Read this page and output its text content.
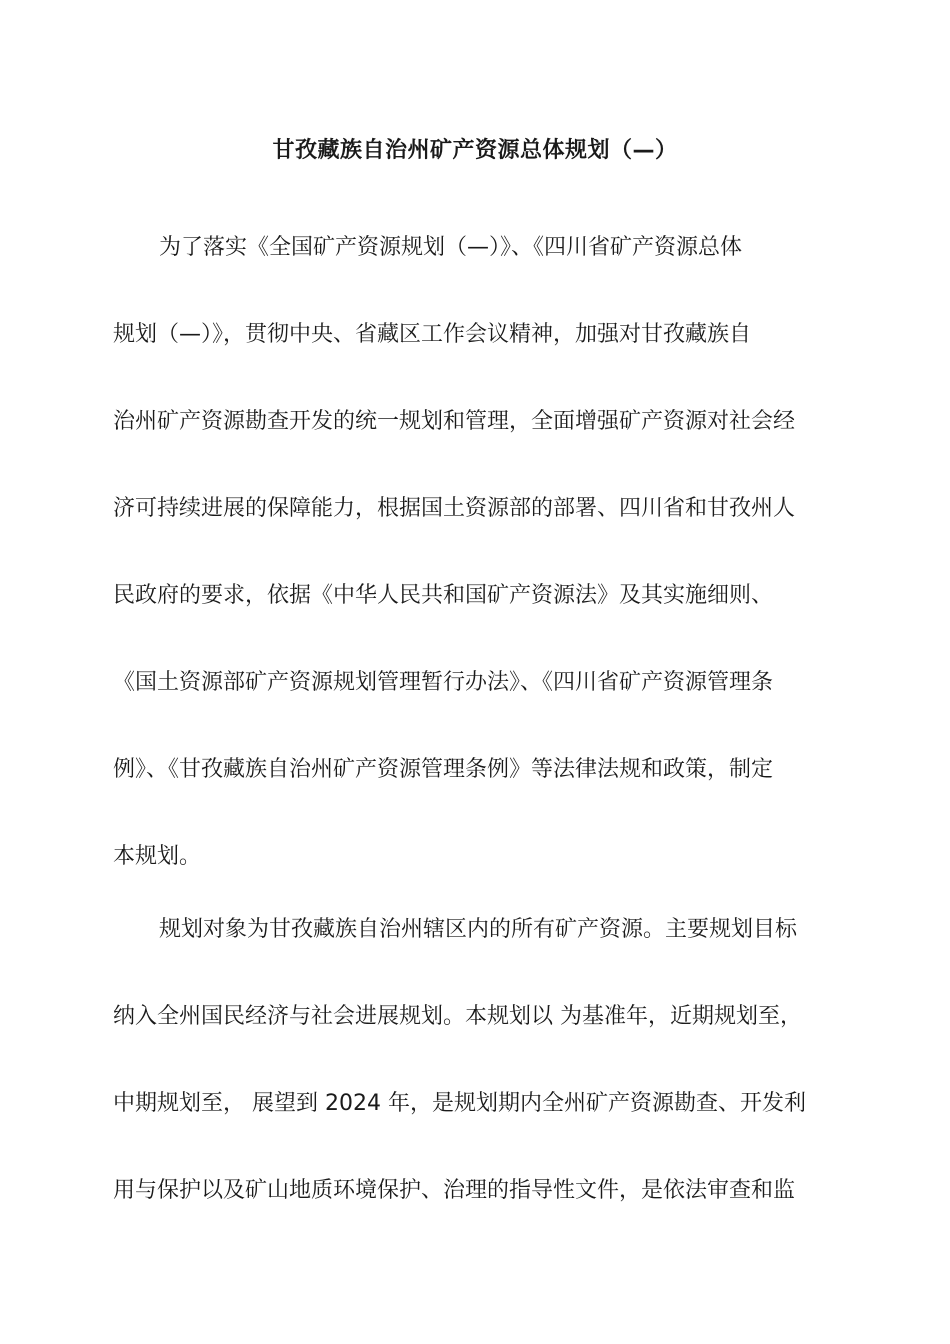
甘孜藏族自治州矿产资源总体规划（—）
为了落实《全国矿产资源规划（—）》、《四川省矿产资源总体
规划（—）》，贯彻中央、省藏区工作会议精神，加强对甘孜藏族自
治州矿产资源勘查开发的统一规划和管理，全面增强矿产资源对社会经
济可持续进展的保障能力，根据国土资源部的部署、四川省和甘孜州人
民政府的要求，依据《中华人民共和国矿产资源法》及其实施细则、
《国土资源部矿产资源规划管理暂行办法》、《四川省矿产资源管理条
例》、《甘孜藏族自治州矿产资源管理条例》等法律法规和政策，制定
本规划。
规划对象为甘孜藏族自治州辖区内的所有矿产资源。主要规划目标
纳入全州国民经济与社会进展规划。本规划以 为基准年，近期规划至，
中期规划至， 展望到 2024 年，是规划期内全州矿产资源勘查、开发利
用与保护以及矿山地质环境保护、治理的指导性文件，是依法审查和监
